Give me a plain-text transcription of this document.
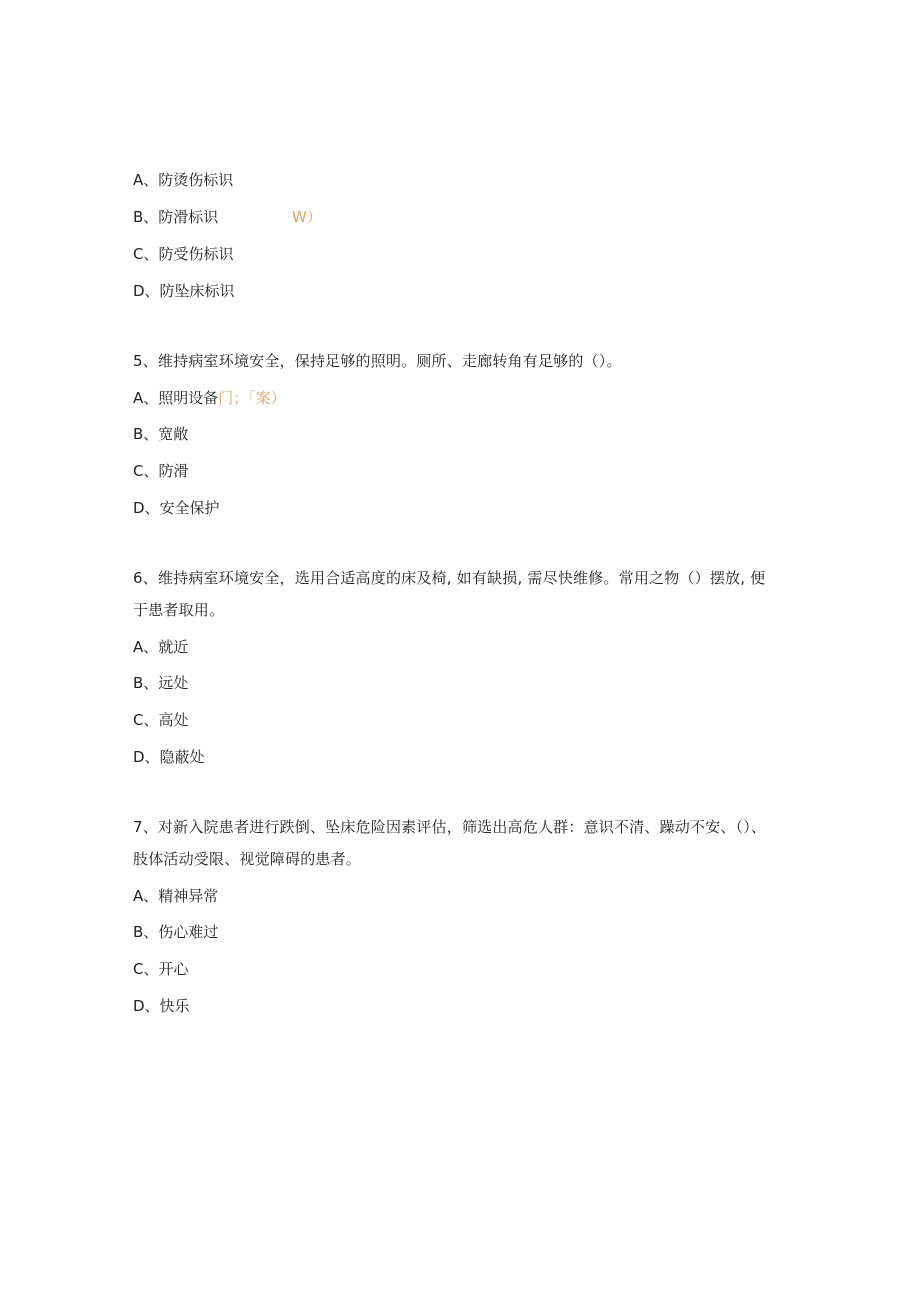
A、防烫伤标识
B、防滑标识	W）
C、防受伤标识
D、防坠床标识
5、维持病室环境安全，保持足够的照明。厕所、走廊转角有足够的（）。
A、照明设备门；「案）
B、宽敞
C、防滑
D、安全保护
6、维持病室环境安全，选用合适高度的床及椅, 如有缺损, 需尽快维修。常用之物（）摆放, 便于患者取用。
A、就近
B、远处
C、高处
D、隐蔽处
7、对新入院患者进行跌倒、坠床危险因素评估，筛选出高危人群：意识不清、躁动不安、（）、肢体活动受限、视觉障碍的患者。
A、精神异常
B、伤心难过
C、开心
D、快乐
